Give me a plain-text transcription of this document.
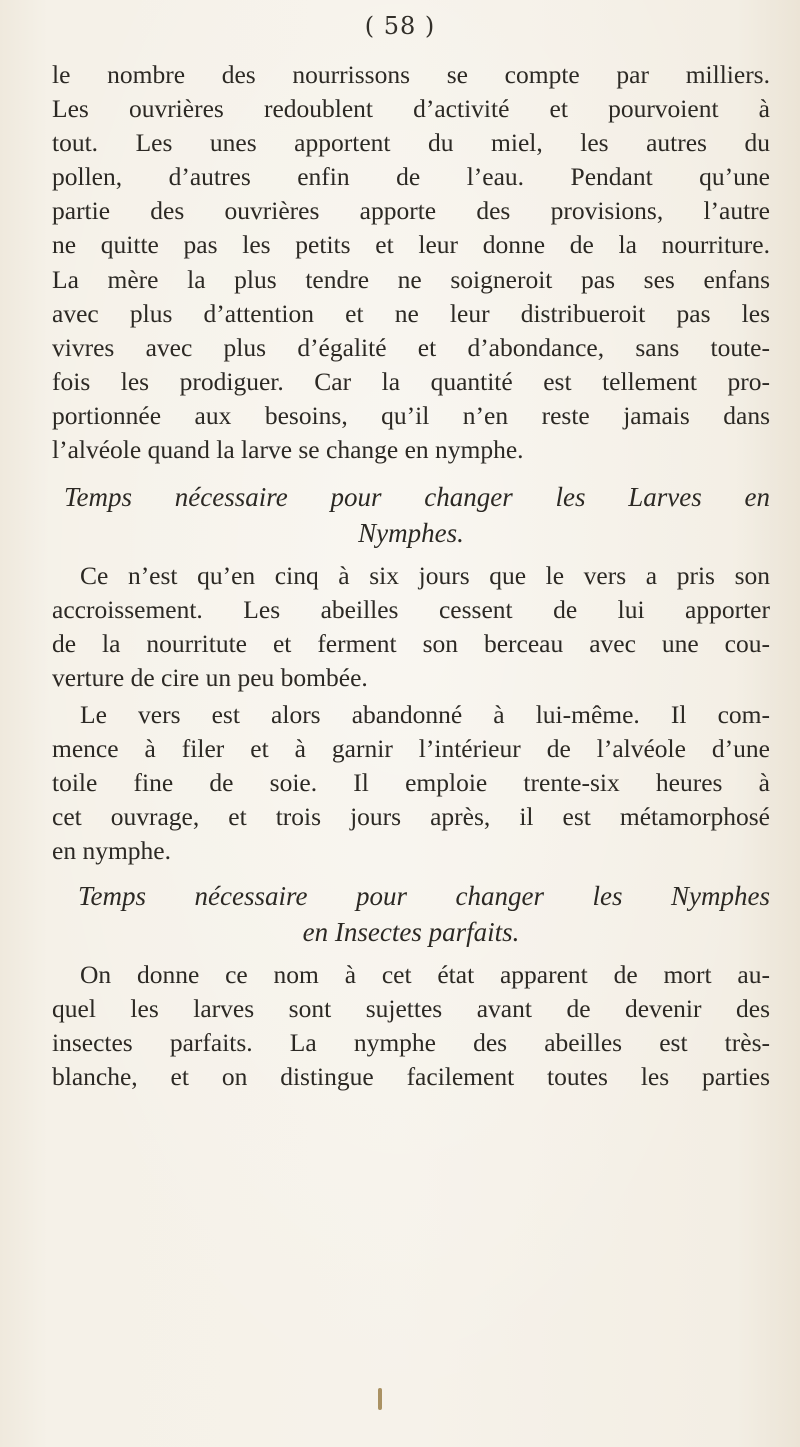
( 58 )
le nombre des nourrissons se compte par milliers.
Les ouvrières redoublent d’activité et pourvoient à
tout. Les unes apportent du miel, les autres du
pollen, d’autres enfin de l’eau. Pendant qu’une
partie des ouvrières apporte des provisions, l’autre
ne quitte pas les petits et leur donne de la nourriture.
La mère la plus tendre ne soigneroit pas ses enfans
avec plus d’attention et ne leur distribueroit pas les
vivres avec plus d’égalité et d’abondance, sans toute-
fois les prodiguer. Car la quantité est tellement pro-
portionnée aux besoins, qu’il n’en reste jamais dans
l’alvéole quand la larve se change en nymphe.
Temps nécessaire pour changer les Larves en
Nymphes.
Ce n’est qu’en cinq à six jours que le vers a pris son
accroissement. Les abeilles cessent de lui apporter
de la nourritute et ferment son berceau avec une cou-
verture de cire un peu bombée.
Le vers est alors abandonné à lui-même. Il com-
mence à filer et à garnir l’intérieur de l’alvéole d’une
toile fine de soie. Il emploie trente-six heures à
cet ouvrage, et trois jours après, il est métamorphosé
en nymphe.
Temps nécessaire pour changer les Nymphes
en Insectes parfaits.
On donne ce nom à cet état apparent de mort au-
quel les larves sont sujettes avant de devenir des
insectes parfaits. La nymphe des abeilles est très-
blanche, et on distingue facilement toutes les parties
